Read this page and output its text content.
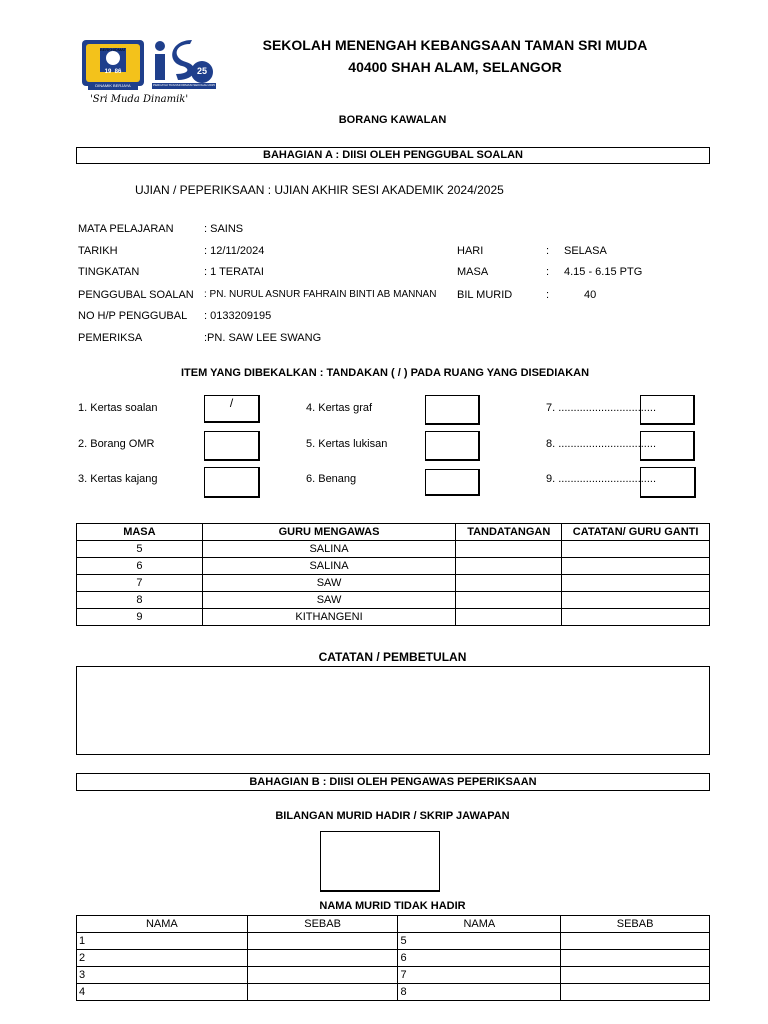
BERKHIDMAT
19 86
DINAMIK BERJAYA
'Sri Muda Dinamik'
25
PERCAYAI TRANSFORMASI SEKOLAH 2025
SEKOLAH MENENGAH KEBANGSAAN TAMAN SRI MUDA
40400 SHAH ALAM, SELANGOR
BORANG KAWALAN
BAHAGIAN A : DIISI OLEH PENGGUBAL SOALAN
UJIAN / PEPERIKSAAN : UJIAN AKHIR SESI AKADEMIK 2024/2025
MATA PELAJARAN	: SAINS
TARIKH	: 12/11/2024	HARI	: SELASA
TINGKATAN	: 1 TERATAI	MASA	: 4.15 - 6.15 PTG
PENGGUBAL SOALAN : PN. NURUL ASNUR FAHRAIN BINTI AB MANNAN BIL MURID	:	40
NO H/P PENGGUBAL : 0133209195
PEMERIKSA	:PN. SAW LEE SWANG
ITEM YANG DIBEKALKAN : TANDAKAN ( / ) PADA RUANG YANG DISEDIAKAN
1. Kertas soalan	/
2. Borang OMR
3. Kertas kajang
4. Kertas graf
5. Kertas lukisan
6. Benang
7. ................................
8. ................................
9. ................................
MASA	GURU MENGAWAS	TANDATANGAN	CATATAN/ GURU GANTI
5	SALINA		
6	SALINA		
7	SAW		
8	SAW		
9	KITHANGENI		
CATATAN / PEMBETULAN
BAHAGIAN B : DIISI OLEH PENGAWAS PEPERIKSAAN
BILANGAN MURID HADIR / SKRIP JAWAPAN
NAMA MURID TIDAK HADIR
NAMA	SEBAB	NAMA	SEBAB
1		5	
2		6	
3		7	
4		8	
